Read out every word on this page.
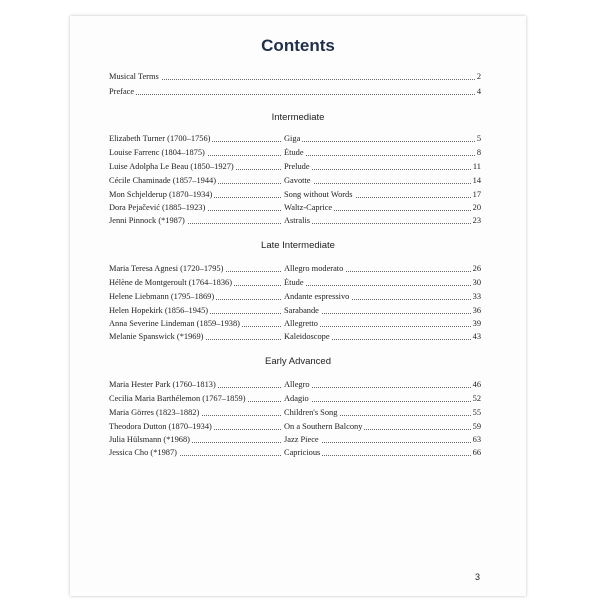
Contents
Musical Terms	2
Preface	4
Intermediate
Elizabeth Turner (1700–1756)	Giga	5
Louise Farrenc (1804–1875)	Étude	8
Luise Adolpha Le Beau (1850–1927)	Prelude	11
Cécile Chaminade (1857–1944)	Gavotte	14
Mon Schjelderup (1870–1934)	Song without Words	17
Dora Pejačević (1885–1923)	Waltz-Caprice	20
Jenni Pinnock (*1987)	Astralis	23
Late Intermediate
Maria Teresa Agnesi (1720–1795)	Allegro moderato	26
Hélène de Montgeroult (1764–1836)	Étude	30
Helene Liebmann (1795–1869)	Andante espressivo	33
Helen Hopekirk (1856–1945)	Sarabande	36
Anna Severine Lindeman (1859–1938)	Allegretto	39
Melanie Spanswick (*1969)	Kaleidoscope	43
Early Advanced
Maria Hester Park (1760–1813)	Allegro	46
Cecilia Maria Barthélemon (1767–1859)	Adagio	52
Maria Görres (1823–1882)	Children's Song	55
Theodora Dutton (1870–1934)	On a Southern Balcony	59
Julia Hülsmann (*1968)	Jazz Piece	63
Jessica Cho (*1987)	Capricious	66
3
